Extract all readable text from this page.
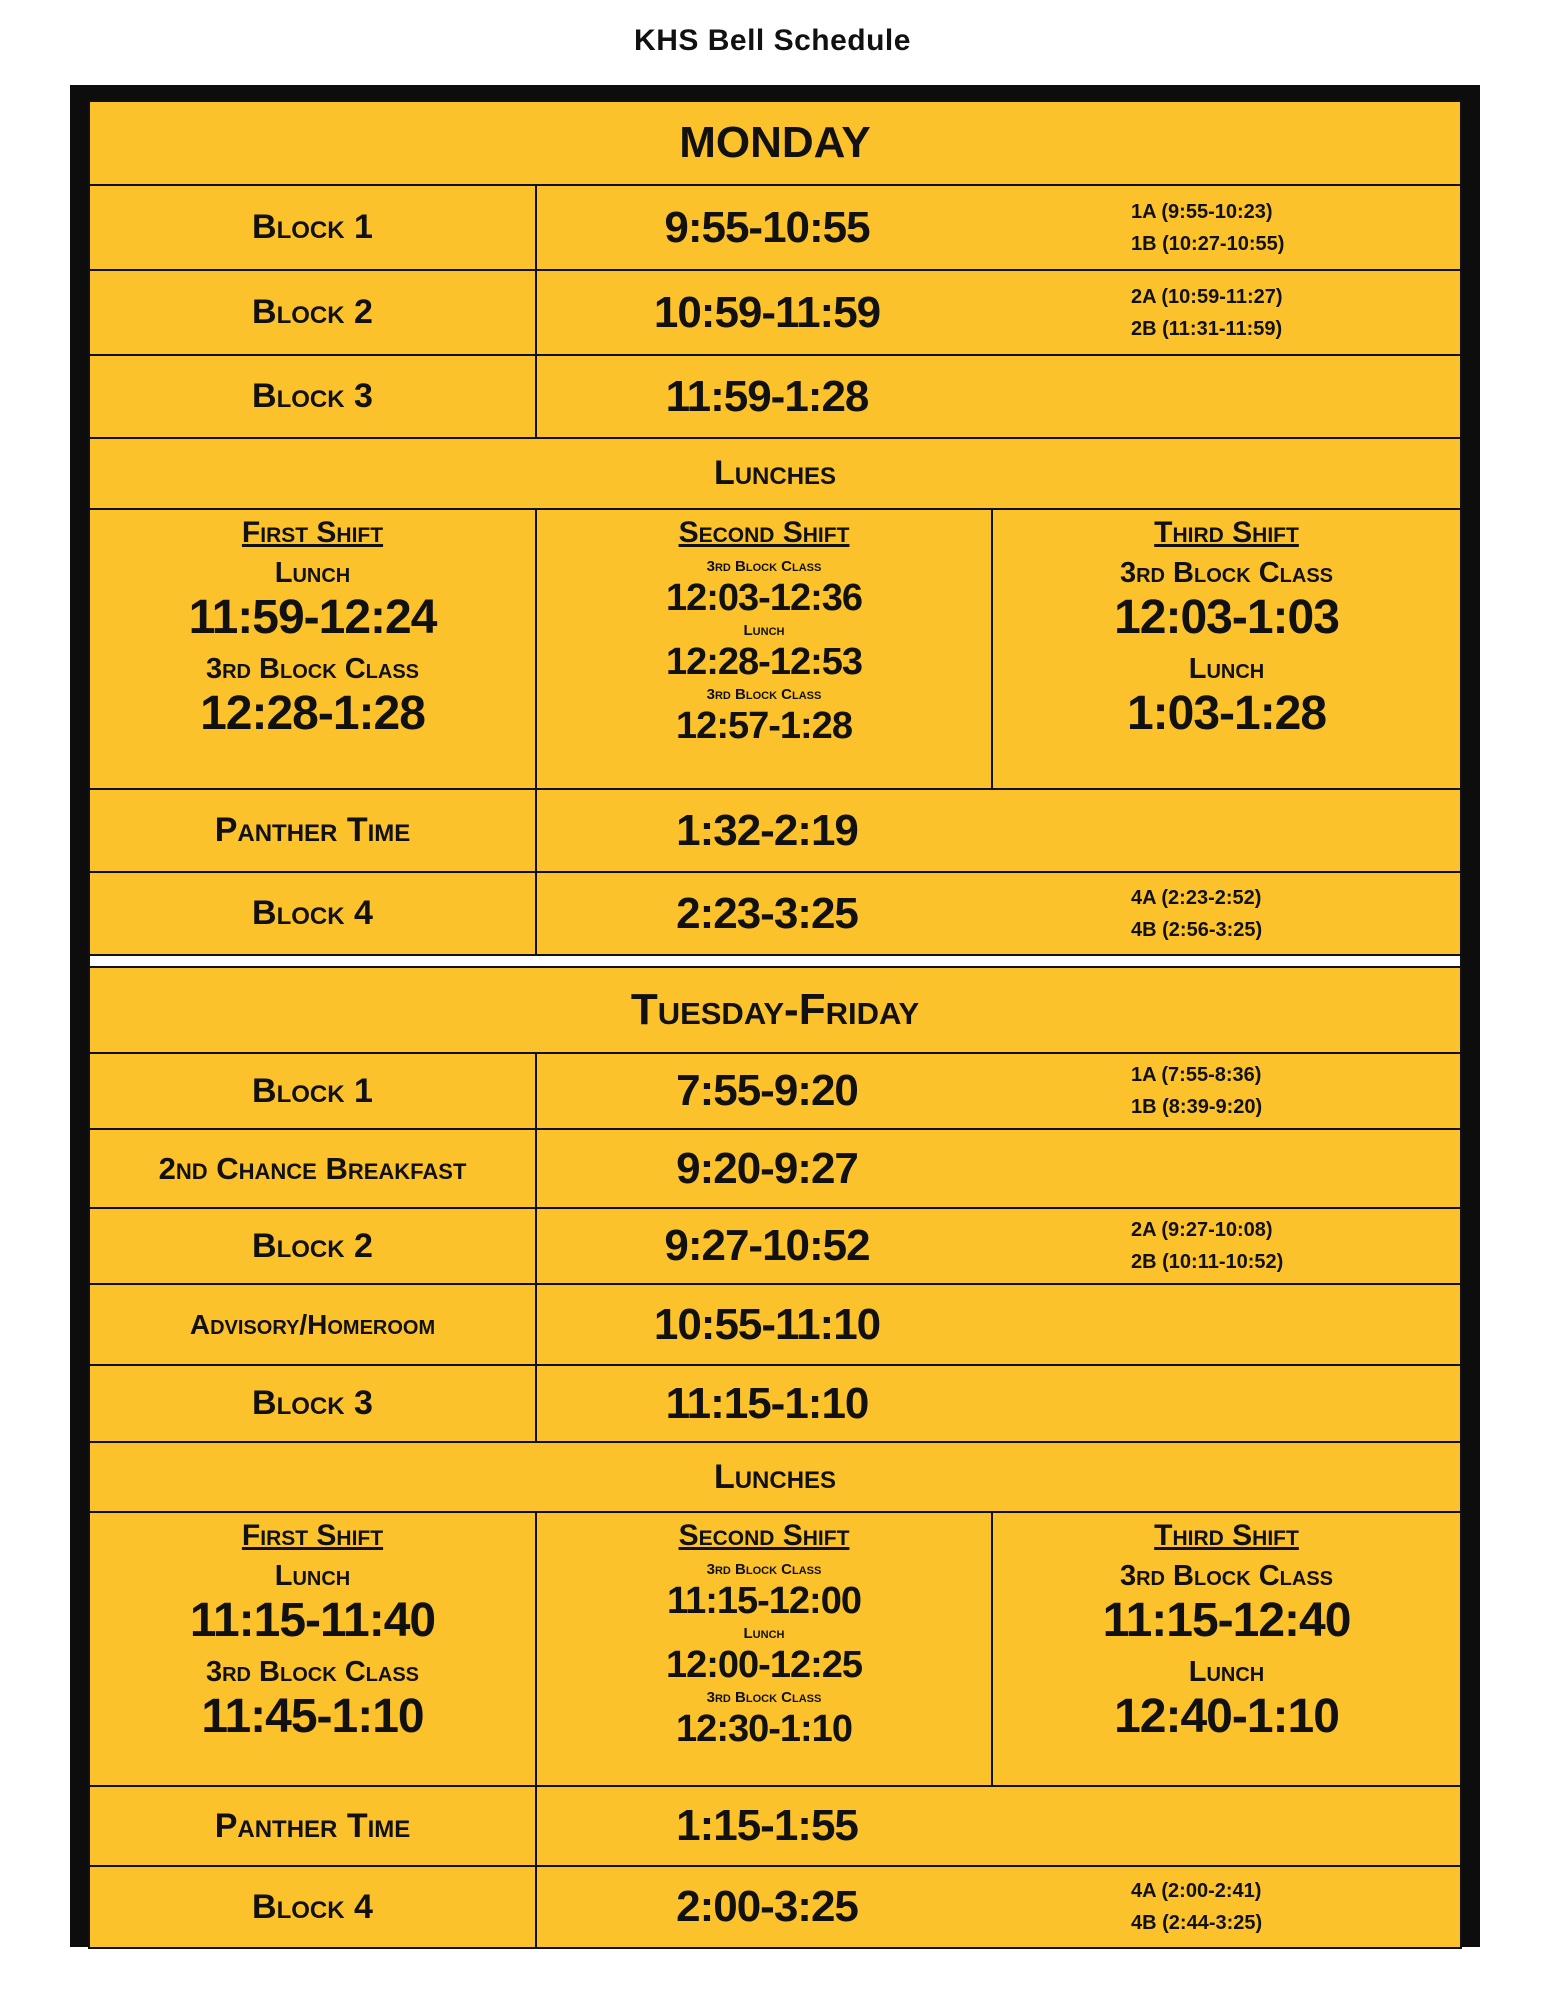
KHS Bell Schedule
MONDAY
Block 1	9:55-10:55	1A (9:55-10:23)
1B (10:27-10:55)
Block 2	10:59-11:59	2A (10:59-11:27)
2B (11:31-11:59)
Block 3	11:59-1:28
Lunches
First Shift
Lunch
11:59-12:24
3rd Block Class
12:28-1:28
Second Shift
3rd Block Class
12:03-12:36
Lunch
12:28-12:53
3rd Block Class
12:57-1:28
Third Shift
3rd Block Class
12:03-1:03
Lunch
1:03-1:28
Panther Time	1:32-2:19
Block 4	2:23-3:25	4A (2:23-2:52)
4B (2:56-3:25)
Tuesday-Friday
Block 1	7:55-9:20	1A (7:55-8:36)
1B (8:39-9:20)
2nd Chance Breakfast	9:20-9:27
Block 2	9:27-10:52	2A (9:27-10:08)
2B (10:11-10:52)
Advisory/Homeroom	10:55-11:10
Block 3	11:15-1:10
Lunches
First Shift
Lunch
11:15-11:40
3rd Block Class
11:45-1:10
Second Shift
3rd Block Class
11:15-12:00
Lunch
12:00-12:25
3rd Block Class
12:30-1:10
Third Shift
3rd Block Class
11:15-12:40
Lunch
12:40-1:10
Panther Time	1:15-1:55
Block 4	2:00-3:25	4A (2:00-2:41)
4B (2:44-3:25)
